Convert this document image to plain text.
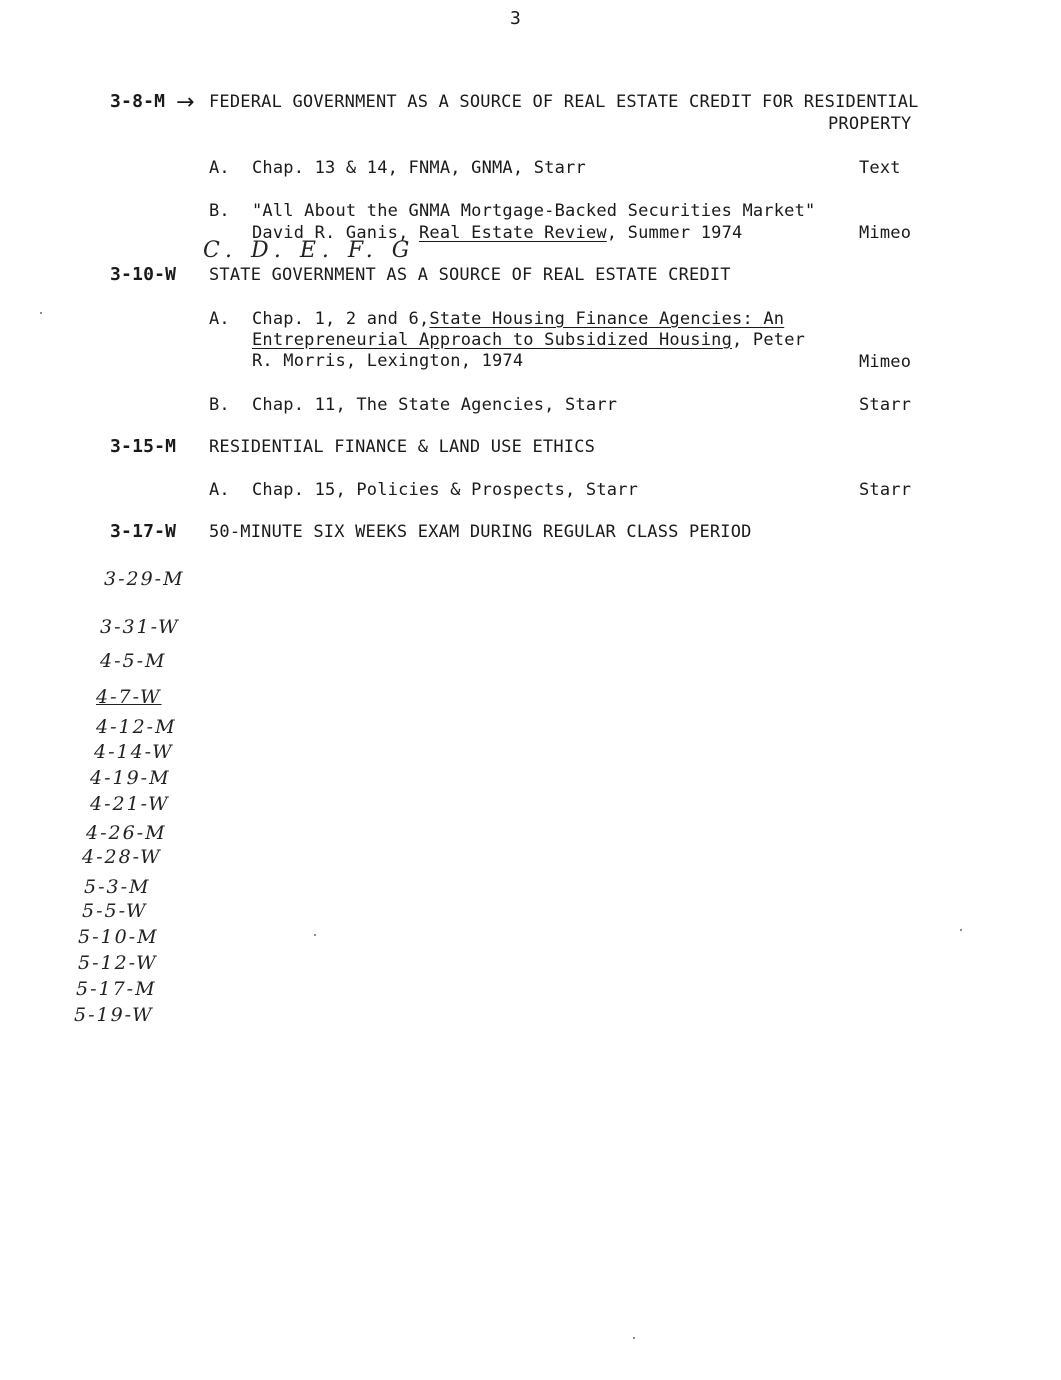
3
3-8-M → FEDERAL GOVERNMENT AS A SOURCE OF REAL ESTATE CREDIT FOR RESIDENTIAL
PROPERTY
A. Chap. 13 & 14, FNMA, GNMA, Starr	Text
B. "All About the GNMA Mortgage-Backed Securities Market"
David R. Ganis, Real Estate Review, Summer 1974	Mimeo
C. D. E. F. G
3-10-W STATE GOVERNMENT AS A SOURCE OF REAL ESTATE CREDIT
A. Chap. 1, 2 and 6,State Housing Finance Agencies: An
Entrepreneurial Approach to Subsidized Housing, Peter
R. Morris, Lexington, 1974	Mimeo
B. Chap. 11, The State Agencies, Starr	Starr
3-15-M RESIDENTIAL FINANCE & LAND USE ETHICS
A. Chap. 15, Policies & Prospects, Starr	Starr
3-17-W 50-MINUTE SIX WEEKS EXAM DURING REGULAR CLASS PERIOD
3-29-M
3-31-W
4-5-M
4-7-W
4-12-M
4-14-W
4-19-M
4-21-W
4-26-M
4-28-W
5-3-M
5-5-W
5-10-M
5-12-W
5-17-M
5-19-W
